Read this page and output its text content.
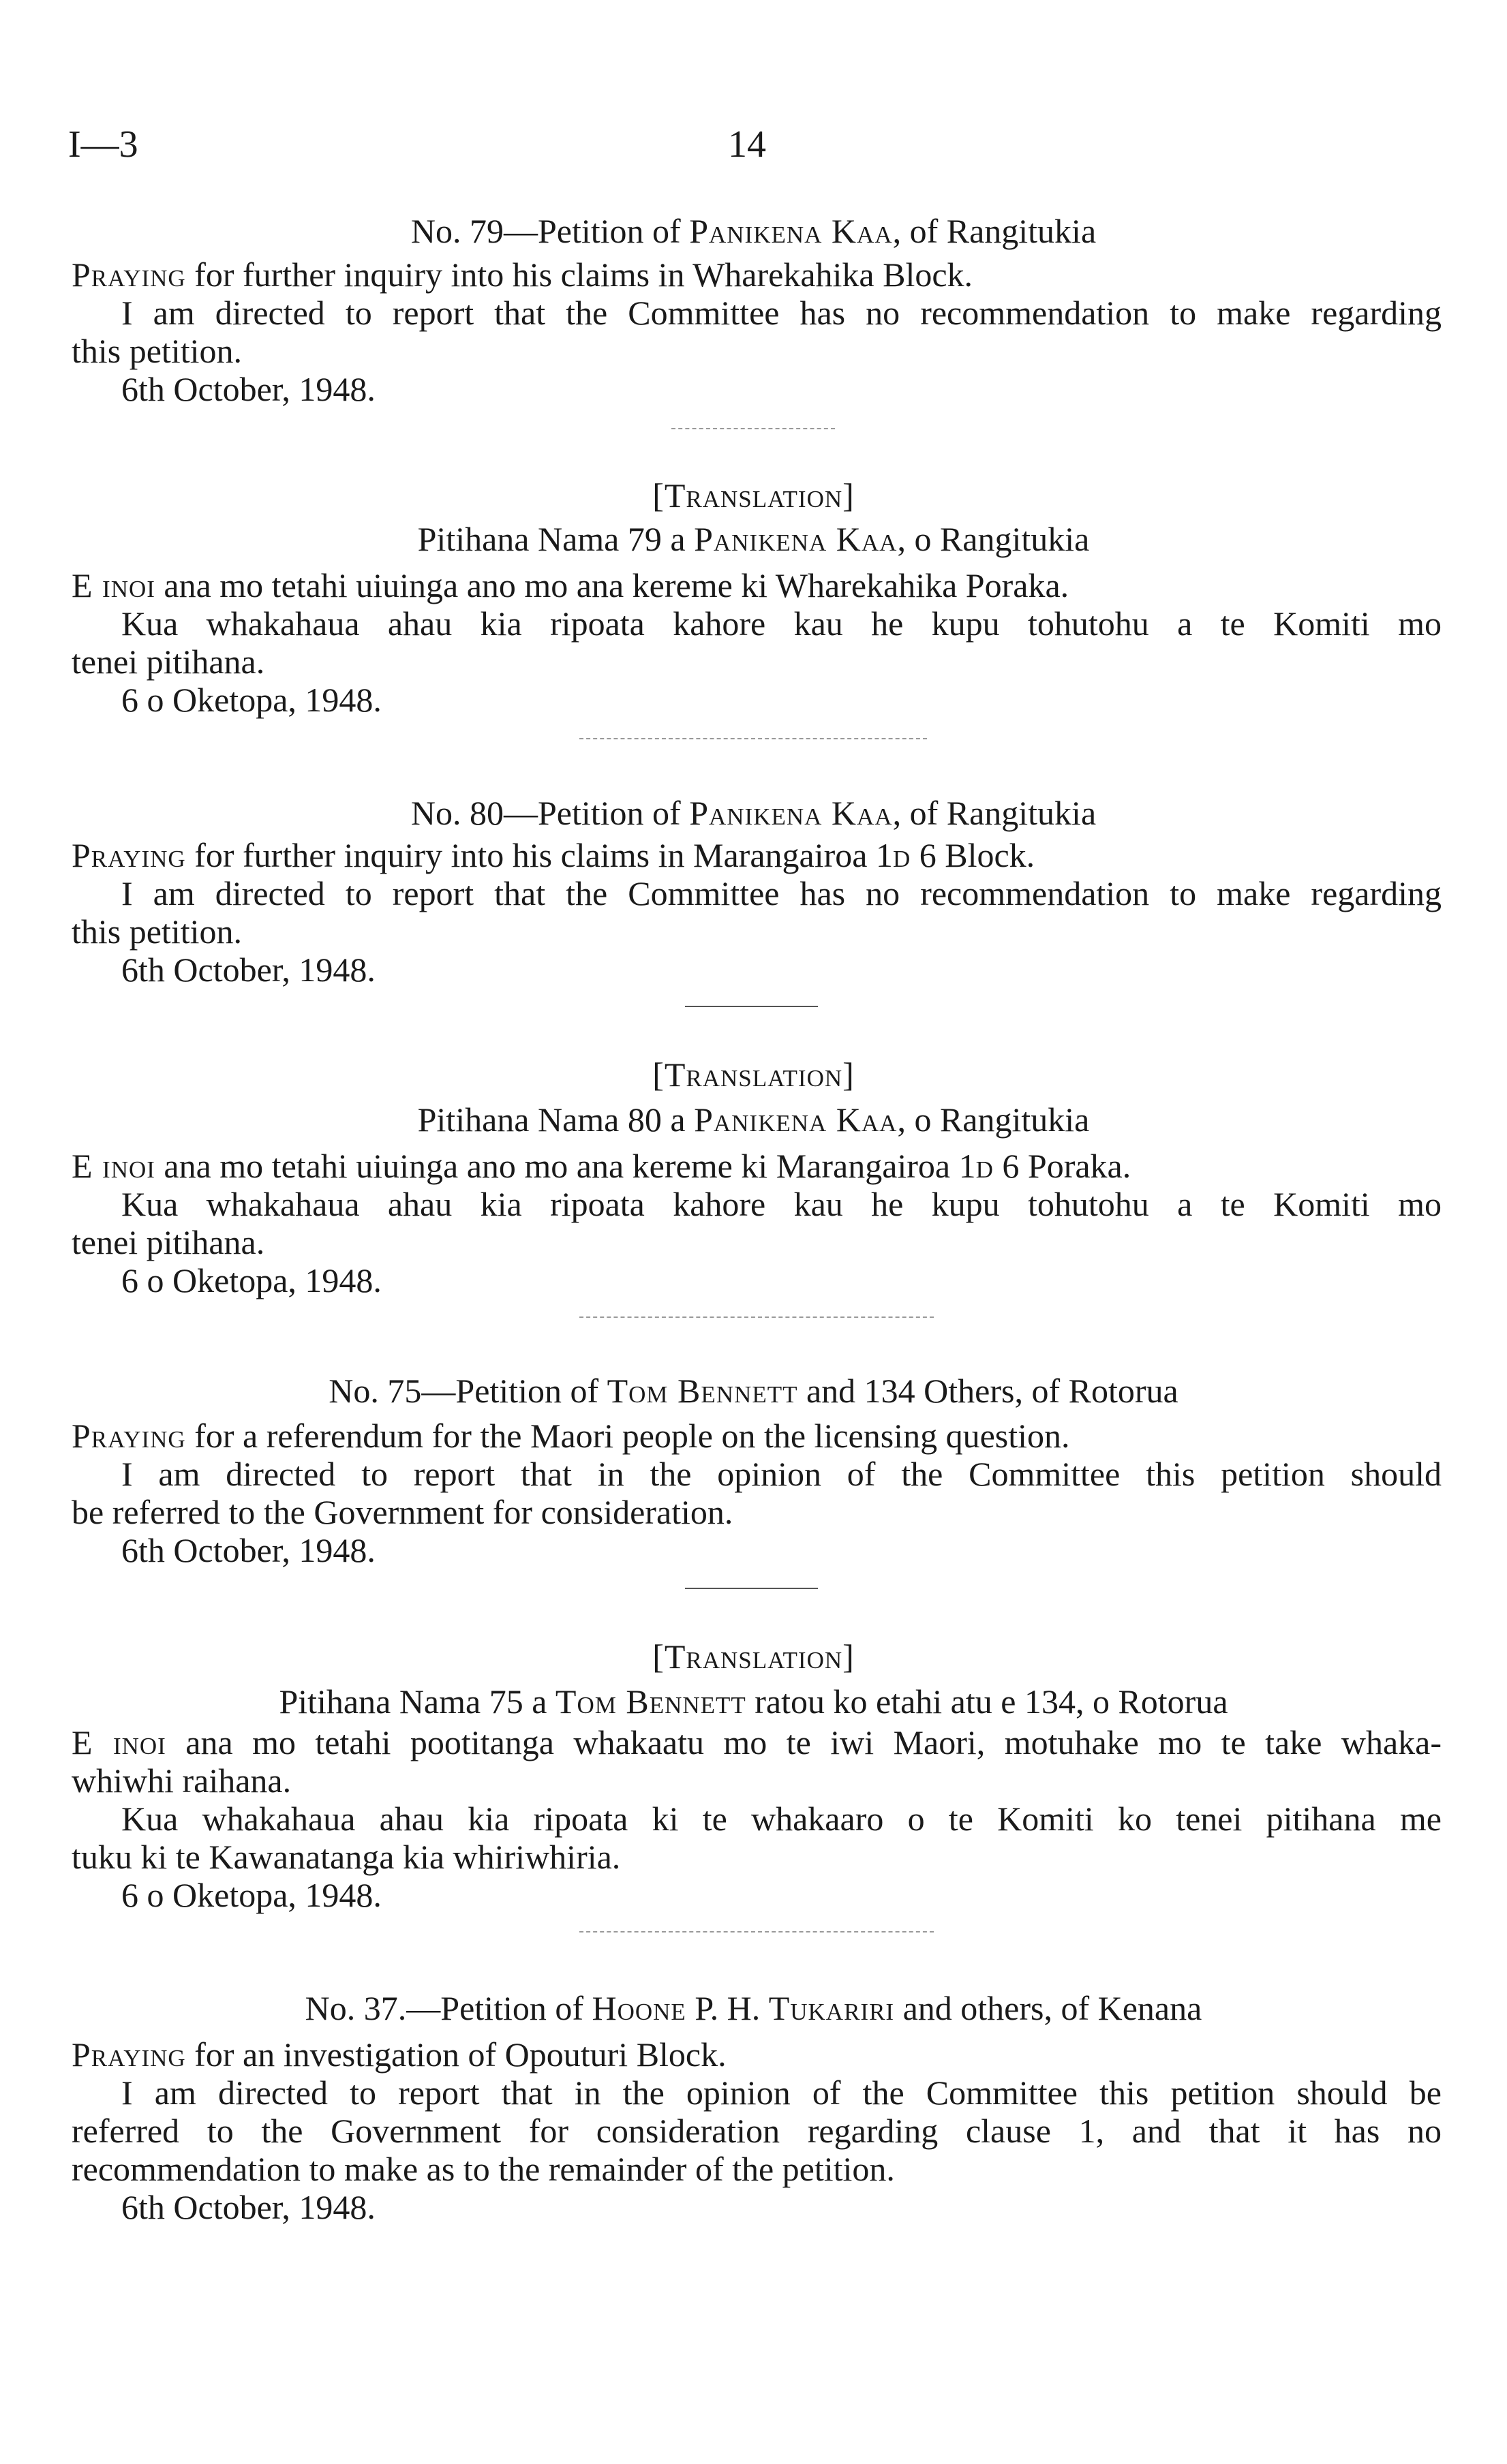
I—3	14
No. 79—Petition of Panikena Kaa, of Rangitukia
Praying for further inquiry into his claims in Wharekahika Block.
I am directed to report that the Committee has no recommendation to make regarding
this petition.
6th October, 1948.
[Translation]
Pitihana Nama 79 a Panikena Kaa, o Rangitukia
E inoi ana mo tetahi uiuinga ano mo ana kereme ki Wharekahika Poraka.
Kua whakahaua ahau kia ripoata kahore kau he kupu tohutohu a te Komiti mo
tenei pitihana.
6 o Oketopa, 1948.
No. 80—Petition of Panikena Kaa, of Rangitukia
Praying for further inquiry into his claims in Marangairoa 1d 6 Block.
I am directed to report that the Committee has no recommendation to make regarding
this petition.
6th October, 1948.
[Translation]
Pitihana Nama 80 a Panikena Kaa, o Rangitukia
E inoi ana mo tetahi uiuinga ano mo ana kereme ki Marangairoa 1d 6 Poraka.
Kua whakahaua ahau kia ripoata kahore kau he kupu tohutohu a te Komiti mo
tenei pitihana.
6 o Oketopa, 1948.
No. 75—Petition of Tom Bennett and 134 Others, of Rotorua
Praying for a referendum for the Maori people on the licensing question.
I am directed to report that in the opinion of the Committee this petition should
be referred to the Government for consideration.
6th October, 1948.
[Translation]
Pitihana Nama 75 a Tom Bennett ratou ko etahi atu e 134, o Rotorua
E inoi ana mo tetahi pootitanga whakaatu mo te iwi Maori, motuhake mo te take whaka-
whiwhi raihana.
Kua whakahaua ahau kia ripoata ki te whakaaro o te Komiti ko tenei pitihana me
tuku ki te Kawanatanga kia whiriwhiria.
6 o Oketopa, 1948.
No. 37.—Petition of Hoone P. H. Tukariri and others, of Kenana
Praying for an investigation of Opouturi Block.
I am directed to report that in the opinion of the Committee this petition should be
referred to the Government for consideration regarding clause 1, and that it has no
recommendation to make as to the remainder of the petition.
6th October, 1948.
